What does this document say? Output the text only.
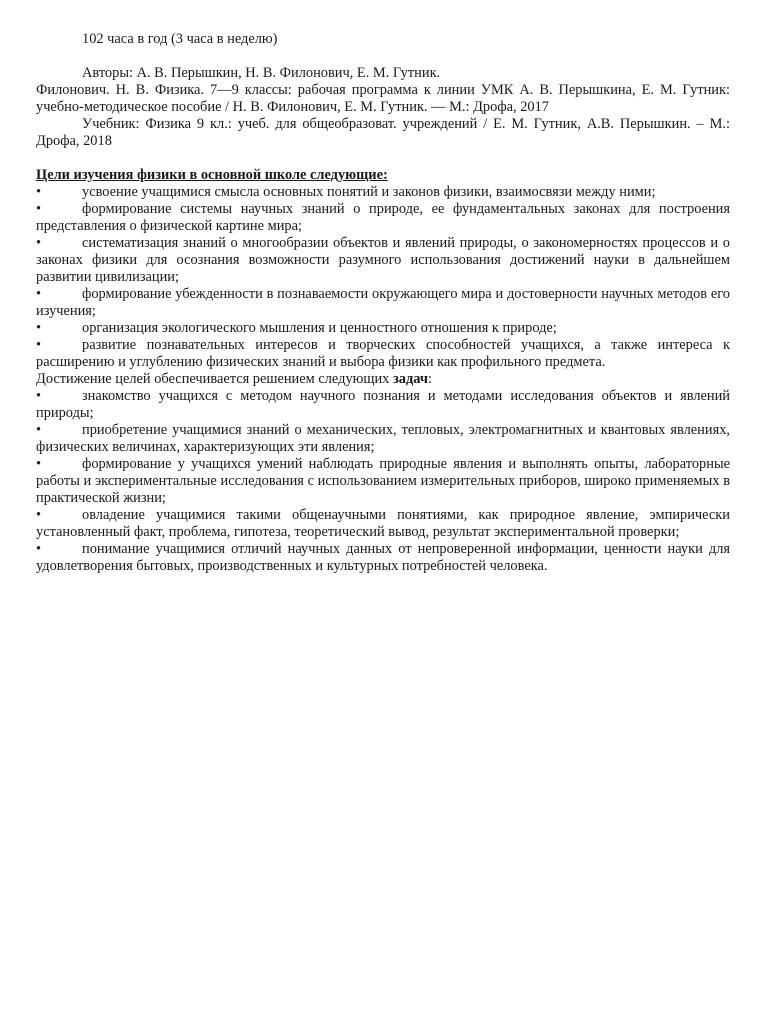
102 часа в год (3 часа в неделю)

Авторы: А. В. Перышкин, Н. В. Филонович, Е. М. Гутник.

Филонович. Н. В. Физика. 7—9 классы: рабочая программа к линии УМК А. В. Перышкина, Е. М. Гутник: учебно-методическое пособие / Н. В. Филонович, Е. М. Гутник. — М.: Дрофа, 2017

Учебник: Физика 9 кл.: учеб. для общеобразоват. учреждений / Е. М. Гутник, А.В. Перышкин. – М.: Дрофа, 2018

Цели изучения физики в основной школе следующие:

•	усвоение учащимися смысла основных понятий и законов физики, взаимосвязи между ними;

•	формирование системы научных знаний о природе, ее фундаментальных законах для построения представления о физической картине мира;

•	систематизация знаний о многообразии объектов и явлений природы, о закономерностях процессов и о законах физики для осознания возможности разумного использования достижений науки в дальнейшем развитии цивилизации;

•	формирование убежденности в познаваемости окружающего мира и достоверности научных методов его изучения;

•	организация экологического мышления и ценностного отношения к природе;

•	развитие познавательных интересов и творческих способностей учащихся, а также интереса к расширению и углублению физических знаний и выбора физики как профильного предмета.

Достижение целей обеспечивается решением следующих задач:

•	знакомство учащихся с методом научного познания и методами исследования объектов и явлений природы;

•	приобретение учащимися знаний о механических, тепловых, электромагнитных и квантовых явлениях, физических величинах, характеризующих эти явления;

•	формирование у учащихся умений наблюдать природные явления и выполнять опыты, лабораторные работы и экспериментальные исследования с использованием измерительных приборов, широко применяемых в практической жизни;

•	овладение учащимися такими общенаучными понятиями, как природное явление, эмпирически установленный факт, проблема, гипотеза, теоретический вывод, результат экспериментальной проверки;

•	понимание учащимися отличий научных данных от непроверенной информации, ценности науки для удовлетворения бытовых, производственных и культурных потребностей человека.
